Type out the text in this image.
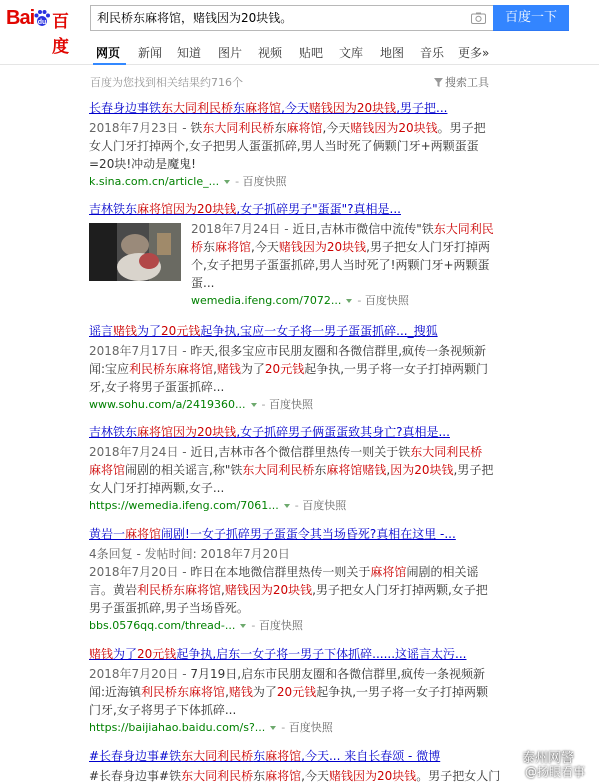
Bai du 百度
利民桥东麻将馆，赌钱因为20块钱。	百度一下
网页 新闻 知道 图片 视频 贴吧 文库 地图 音乐 更多»
百度为您找到相关结果约716个	搜索工具
长春身边事铁东大同利民桥东麻将馆,今天赌钱因为20块钱,男子把...
2018年7月23日 - 铁东大同利民桥东麻将馆,今天赌钱因为20块钱。男子把女人门牙打掉两个,女子把男人蛋蛋抓碎,男人当时死了俩颗门牙+两颗蛋蛋=20块!冲动是魔鬼!
k.sina.com.cn/article_... - 百度快照
吉林铁东麻将馆因为20块钱,女子抓碎男子"蛋蛋"?真相是...
2018年7月24日 - 近日,吉林市微信中流传"铁东大同利民桥东麻将馆,今天赌钱因为20块钱,男子把女人门牙打掉两个,女子把男子蛋蛋抓碎,男人当时死了!两颗门牙+两颗蛋蛋...
wemedia.ifeng.com/7072... - 百度快照
谣言赌钱为了20元钱起争执,宝应一女子将一男子蛋蛋抓碎..._搜狐
2018年7月17日 - 昨天,很多宝应市民朋友圈和各微信群里,疯传一条视频新闻:宝应利民桥东麻将馆,赌钱为了20元钱起争执,一男子将一女子打掉两颗门牙,女子将男子蛋蛋抓碎...
www.sohu.com/a/2419360... - 百度快照
吉林铁东麻将馆因为20块钱,女子抓碎男子俩蛋蛋致其身亡?真相是...
2018年7月24日 - 近日,吉林市各个微信群里热传一则关于铁东大同利民桥麻将馆闹剧的相关谣言,称"铁东大同利民桥东麻将馆赌钱,因为20块钱,男子把女人门牙打掉两颗,女子...
https://wemedia.ifeng.com/7061... - 百度快照
黄岩一麻将馆闹剧!一女子抓碎男子蛋蛋令其当场昏死?真相在这里 -...
4条回复 - 发帖时间: 2018年7月20日
2018年7月20日 - 昨日在本地微信群里热传一则关于麻将馆闹剧的相关谣言。黄岩利民桥东麻将馆,赌钱因为20块钱,男子把女人门牙打掉两颗,女子把男子蛋蛋抓碎,男子当场昏死。
bbs.0576qq.com/thread-... - 百度快照
赌钱为了20元钱起争执,启东一女子将一男子下体抓碎......这谣言太污...
2018年7月20日 - 7月19日,启东市民朋友圈和各微信群里,疯传一条视频新闻:近海镇利民桥东麻将馆,赌钱为了20元钱起争执,一男子将一女子打掉两颗门牙,女子将男子下体抓碎...
https://baijiahao.baidu.com/s?... - 百度快照
#长春身边事#铁东大同利民桥东麻将馆,今天... 来自长春颂 - 微博
#长春身边事#铁东大同利民桥东麻将馆,今天赌钱因为20块钱。男子把女人门
泰州网警
@扬眼看事
